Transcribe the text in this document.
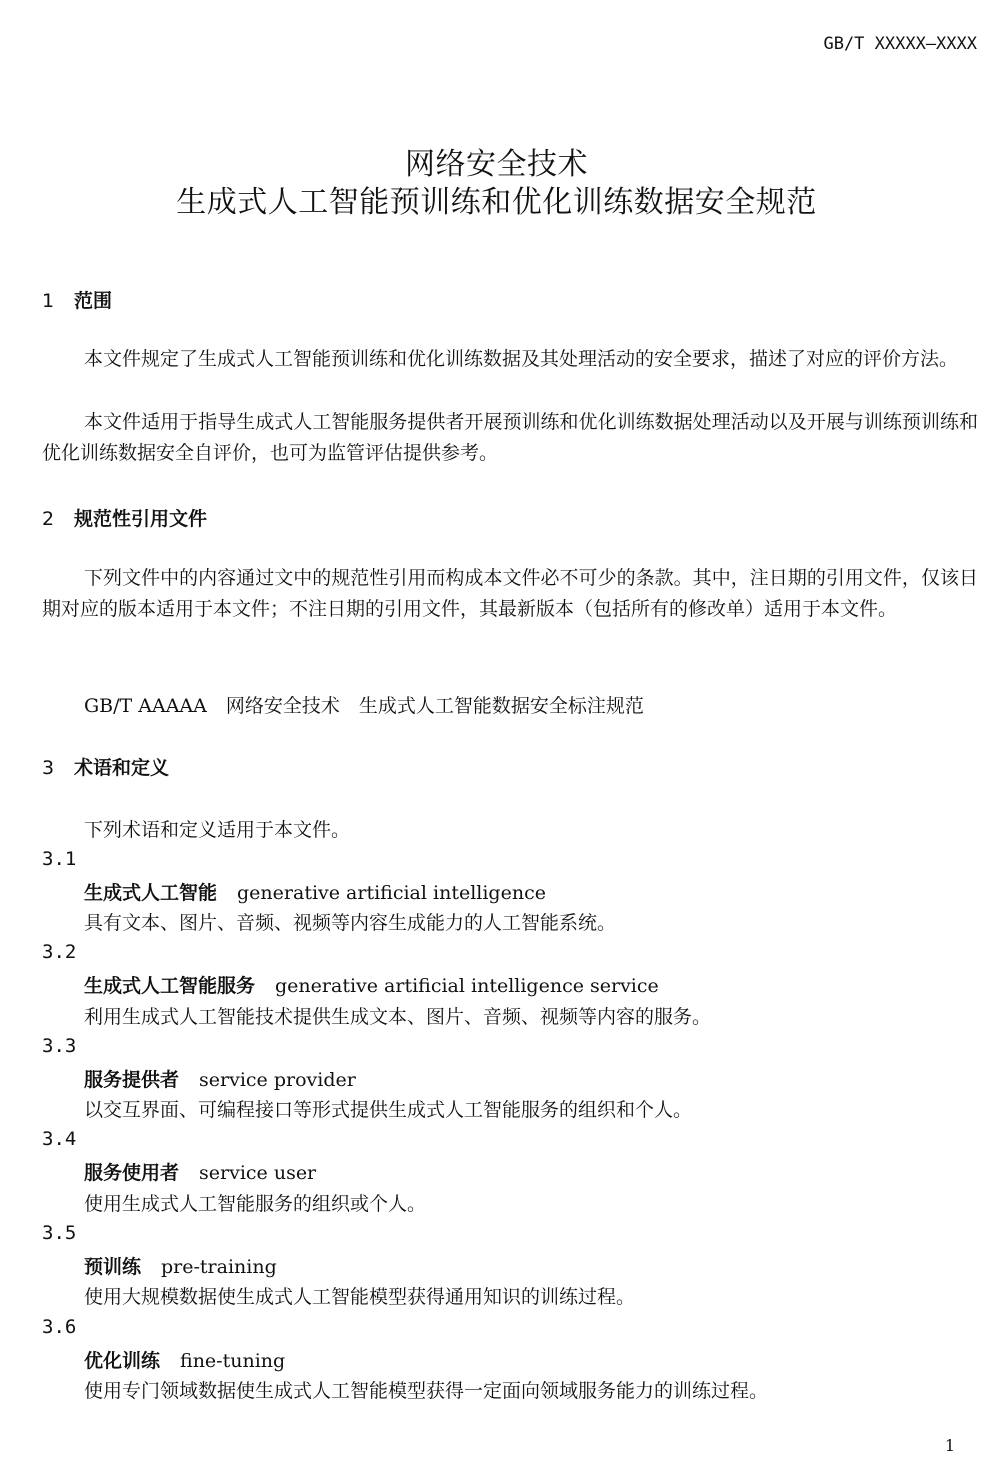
GB/T XXXXX—XXXX
网络安全技术
生成式人工智能预训练和优化训练数据安全规范
1 范围
本文件规定了生成式人工智能预训练和优化训练数据及其处理活动的安全要求，描述了对应的评价方法。
本文件适用于指导生成式人工智能服务提供者开展预训练和优化训练数据处理活动以及开展与训练预训练和优化训练数据安全自评价，也可为监管评估提供参考。
2 规范性引用文件
下列文件中的内容通过文中的规范性引用而构成本文件必不可少的条款。其中，注日期的引用文件，仅该日期对应的版本适用于本文件；不注日期的引用文件，其最新版本（包括所有的修改单）适用于本文件。
GB/T AAAAA　网络安全技术　生成式人工智能数据安全标注规范
3 术语和定义
下列术语和定义适用于本文件。
3.1
生成式人工智能 generative artificial intelligence
具有文本、图片、音频、视频等内容生成能力的人工智能系统。
3.2
生成式人工智能服务 generative artificial intelligence service
利用生成式人工智能技术提供生成文本、图片、音频、视频等内容的服务。
3.3
服务提供者 service provider
以交互界面、可编程接口等形式提供生成式人工智能服务的组织和个人。
3.4
服务使用者 service user
使用生成式人工智能服务的组织或个人。
3.5
预训练 pre-training
使用大规模数据使生成式人工智能模型获得通用知识的训练过程。
3.6
优化训练 fine-tuning
使用专门领域数据使生成式人工智能模型获得一定面向领域服务能力的训练过程。
1
